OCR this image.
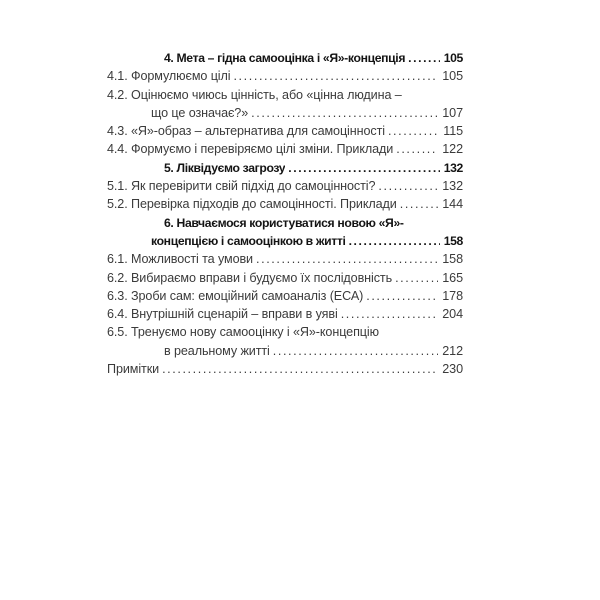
4. Мета – гідна самооцінка і «Я»-концепція .....	105
4.1. Формулюємо цілі .....	105
4.2. Оцінюємо чиюсь цінність, або «цінна людина –
що це означає?» .....	107
4.3. «Я»-образ – альтернатива для самоцінності .....	115
4.4. Формуємо і перевіряємо цілі зміни. Приклади .....	122
5. Ліквідуємо загрозу .....	132
5.1. Як перевірити свій підхід до самоцінності? .....	132
5.2. Перевірка підходів до самоцінності. Приклади .....	144
6. Навчаємося користуватися новою «Я»-
концепцією і самооцінкою в житті .....	158
6.1. Можливості та умови .....	158
6.2. Вибираємо вправи і будуємо їх послідовність .....	165
6.3. Зроби сам: емоційний самоаналіз (ЕСА) .....	178
6.4. Внутрішній сценарій – вправи в уяві .....	204
6.5. Тренуємо нову самооцінку і «Я»-концепцію
в реальному житті .....	212
Примітки .....	230
